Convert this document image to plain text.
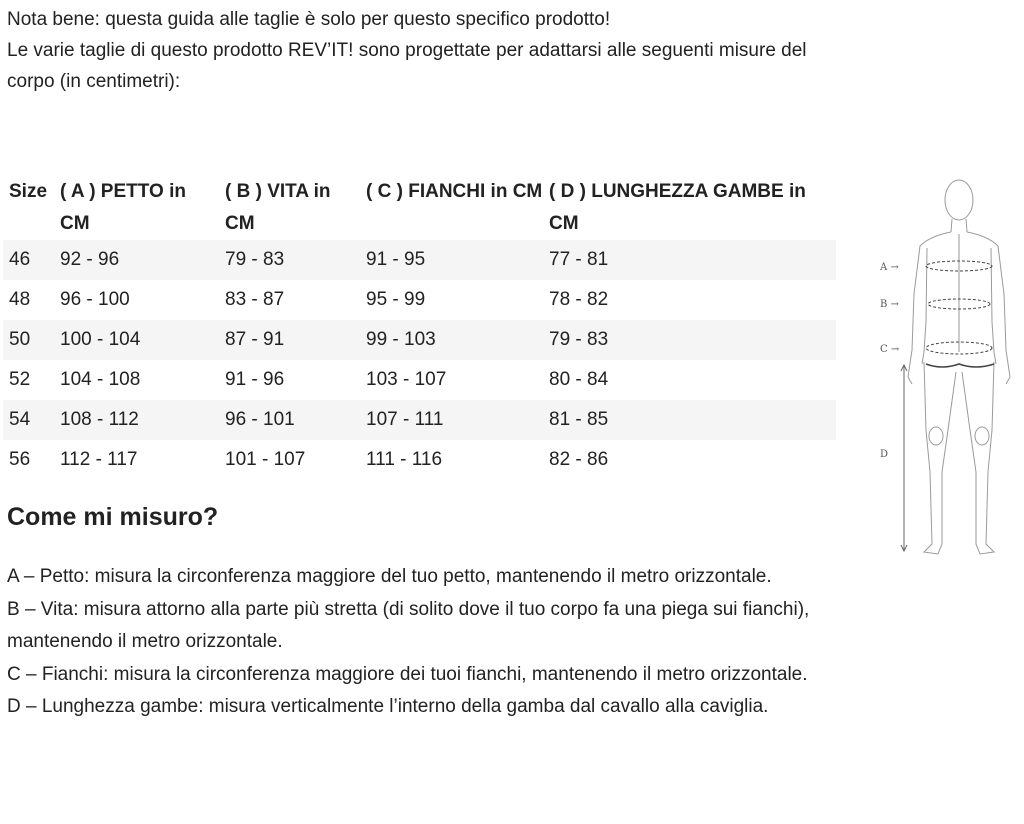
Nota bene: questa guida alle taglie è solo per questo specifico prodotto!

Le varie taglie di questo prodotto REV’IT! sono progettate per adattarsi alle seguenti misure del corpo (in centimetri):

Size	( A ) PETTO in CM	( B ) VITA in CM	( C ) FIANCHI in CM	( D ) LUNGHEZZA GAMBE in CM
46	92 - 96	79 - 83	91 - 95	77 - 81
48	96 - 100	83 - 87	95 - 99	78 - 82
50	100 - 104	87 - 91	99 - 103	79 - 83
52	104 - 108	91 - 96	103 - 107	80 - 84
54	108 - 112	96 - 101	107 - 111	81 - 85
56	112 - 117	101 - 107	111 - 116	82 - 86
Come mi misuro?

A – Petto: misura la circonferenza maggiore del tuo petto, mantenendo il metro orizzontale.

B – Vita: misura attorno alla parte più stretta (di solito dove il tuo corpo fa una piega sui fianchi), mantenendo il metro orizzontale.

C – Fianchi: misura la circonferenza maggiore dei tuoi fianchi, mantenendo il metro orizzontale.

D – Lunghezza gambe: misura verticalmente l’interno della gamba dal cavallo alla caviglia.

A →
B →
C →
D
